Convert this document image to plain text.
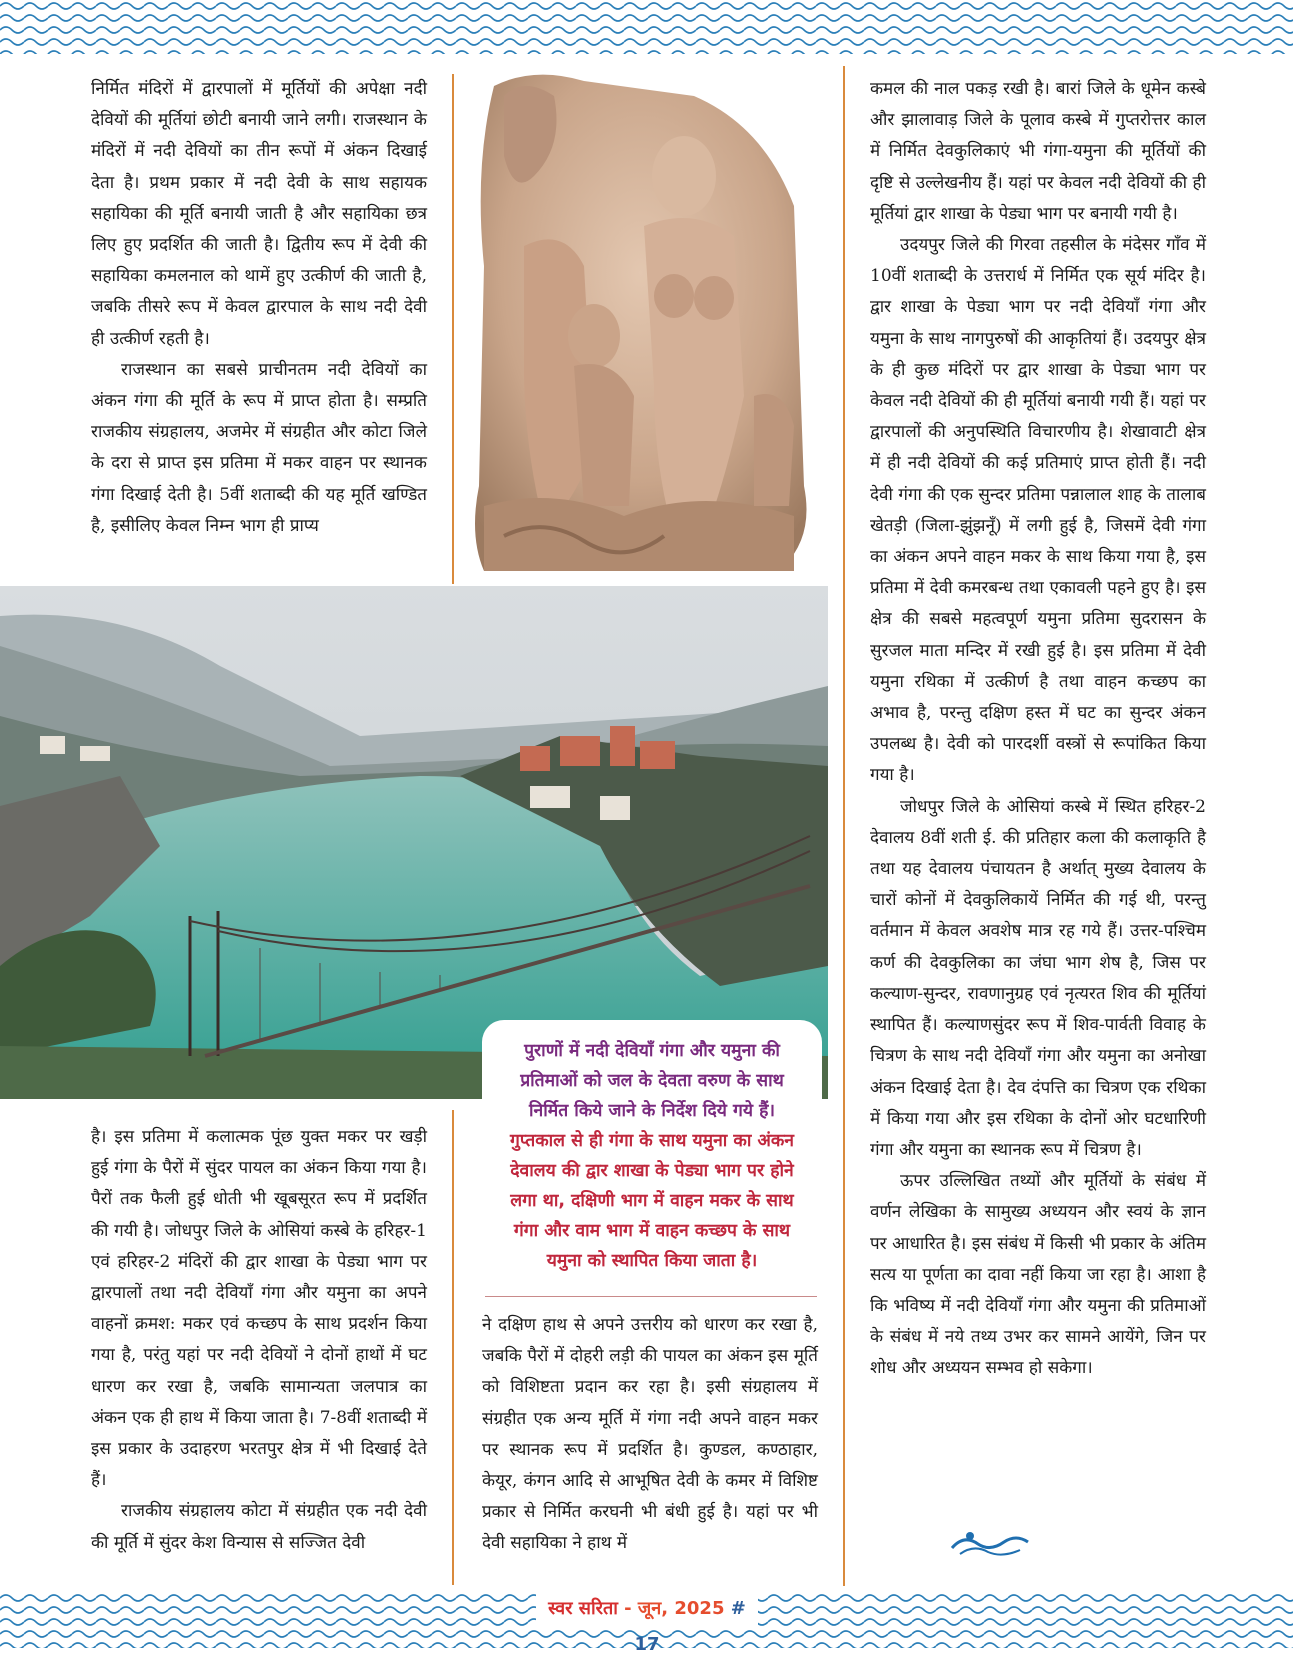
निर्मित मंदिरों में द्वारपालों में मूर्तियों की अपेक्षा नदी देवियों की मूर्तियां छोटी बनायी जाने लगी। राजस्थान के मंदिरों में नदी देवियों का तीन रूपों में अंकन दिखाई देता है। प्रथम प्रकार में नदी देवी के साथ सहायक सहायिका की मूर्ति बनायी जाती है और सहायिका छत्र लिए हुए प्रदर्शित की जाती है। द्वितीय रूप में देवी की सहायिका कमलनाल को थामें हुए उत्कीर्ण की जाती है, जबकि तीसरे रूप में केवल द्वारपाल के साथ नदी देवी ही उत्कीर्ण रहती है।

राजस्थान का सबसे प्राचीनतम नदी देवियों का अंकन गंगा की मूर्ति के रूप में प्राप्त होता है। सम्प्रति राजकीय संग्रहालय, अजमेर में संग्रहीत और कोटा जिले के दरा से प्राप्त इस प्रतिमा में मकर वाहन पर स्थानक गंगा दिखाई देती है। 5वीं शताब्दी की यह मूर्ति खण्डित है, इसीलिए केवल निम्न भाग ही प्राप्य

पुराणों में नदी देवियाँ गंगा और यमुना की
प्रतिमाओं को जल के देवता वरुण के साथ
निर्मित किये जाने के निर्देश दिये गये हैं।
गुप्तकाल से ही गंगा के साथ यमुना का अंकन
देवालय की द्वार शाखा के पेड्या भाग पर होने
लगा था, दक्षिणी भाग में वाहन मकर के साथ
गंगा और वाम भाग में वाहन कच्छप के साथ
यमुना को स्थापित किया जाता है।

है। इस प्रतिमा में कलात्मक पूंछ युक्त मकर पर खड़ी हुई गंगा के पैरों में सुंदर पायल का अंकन किया गया है। पैरों तक फैली हुई धोती भी खूबसूरत रूप में प्रदर्शित की गयी है। जोधपुर जिले के ओसियां कस्बे के हरिहर-1 एवं हरिहर-2 मंदिरों की द्वार शाखा के पेड्या भाग पर द्वारपालों तथा नदी देवियाँ गंगा और यमुना का अपने वाहनों क्रमश: मकर एवं कच्छप के साथ प्रदर्शन किया गया है, परंतु यहां पर नदी देवियों ने दोनों हाथों में घट धारण कर रखा है, जबकि सामान्यता जलपात्र का अंकन एक ही हाथ में किया जाता है। 7-8वीं शताब्दी में इस प्रकार के उदाहरण भरतपुर क्षेत्र में भी दिखाई देते हैं।

राजकीय संग्रहालय कोटा में संग्रहीत एक नदी देवी की मूर्ति में सुंदर केश विन्यास से सज्जित देवी

ने दक्षिण हाथ से अपने उत्तरीय को धारण कर रखा है, जबकि पैरों में दोहरी लड़ी की पायल का अंकन इस मूर्ति को विशिष्टता प्रदान कर रहा है। इसी संग्रहालय में संग्रहीत एक अन्य मूर्ति में गंगा नदी अपने वाहन मकर पर स्थानक रूप में प्रदर्शित है। कुण्डल, कण्ठाहार, केयूर, कंगन आदि से आभूषित देवी के कमर में विशिष्ट प्रकार से निर्मित करघनी भी बंधी हुई है। यहां पर भी देवी सहायिका ने हाथ में

कमल की नाल पकड़ रखी है। बारां जिले के धूमेन कस्बे और झालावाड़ जिले के पूलाव कस्बे में गुप्तरोत्तर काल में निर्मित देवकुलिकाएं भी गंगा-यमुना की मूर्तियों की दृष्टि से उल्लेखनीय हैं। यहां पर केवल नदी देवियों की ही मूर्तियां द्वार शाखा के पेड्या भाग पर बनायी गयी है।

उदयपुर जिले की गिरवा तहसील के मंदेसर गाँव में 10वीं शताब्दी के उत्तरार्ध में निर्मित एक सूर्य मंदिर है। द्वार शाखा के पेड्या भाग पर नदी देवियाँ गंगा और यमुना के साथ नागपुरुषों की आकृतियां हैं। उदयपुर क्षेत्र के ही कुछ मंदिरों पर द्वार शाखा के पेड्या भाग पर केवल नदी देवियों की ही मूर्तियां बनायी गयी हैं। यहां पर द्वारपालों की अनुपस्थिति विचारणीय है। शेखावाटी क्षेत्र में ही नदी देवियों की कई प्रतिमाएं प्राप्त होती हैं। नदी देवी गंगा की एक सुन्दर प्रतिमा पन्नालाल शाह के तालाब खेतड़ी (जिला-झुंझनूँ) में लगी हुई है, जिसमें देवी गंगा का अंकन अपने वाहन मकर के साथ किया गया है, इस प्रतिमा में देवी कमरबन्ध तथा एकावली पहने हुए है। इस क्षेत्र की सबसे महत्वपूर्ण यमुना प्रतिमा सुदरासन के सुरजल माता मन्दिर में रखी हुई है। इस प्रतिमा में देवी यमुना रथिका में उत्कीर्ण है तथा वाहन कच्छप का अभाव है, परन्तु दक्षिण हस्त में घट का सुन्दर अंकन उपलब्ध है। देवी को पारदर्शी वस्त्रों से रूपांकित किया गया है।

जोधपुर जिले के ओसियां कस्बे में स्थित हरिहर-2 देवालय 8वीं शती ई. की प्रतिहार कला की कलाकृति है तथा यह देवालय पंचायतन है अर्थात् मुख्य देवालय के चारों कोनों में देवकुलिकायें निर्मित की गई थी, परन्तु वर्तमान में केवल अवशेष मात्र रह गये हैं। उत्तर-पश्चिम कर्ण की देवकुलिका का जंघा भाग शेष है, जिस पर कल्याण-सुन्दर, रावणानुग्रह एवं नृत्यरत शिव की मूर्तियां स्थापित हैं। कल्याणसुंदर रूप में शिव-पार्वती विवाह के चित्रण के साथ नदी देवियाँ गंगा और यमुना का अनोखा अंकन दिखाई देता है। देव दंपत्ति का चित्रण एक रथिका में किया गया और इस रथिका के दोनों ओर घटधारिणी गंगा और यमुना का स्थानक रूप में चित्रण है।

ऊपर उल्लिखित तथ्यों और मूर्तियों के संबंध में वर्णन लेखिका के सामुख्य अध्ययन और स्वयं के ज्ञान पर आधारित है। इस संबंध में किसी भी प्रकार के अंतिम सत्य या पूर्णता का दावा नहीं किया जा रहा है। आशा है कि भविष्य में नदी देवियाँ गंगा और यमुना की प्रतिमाओं के संबंध में नये तथ्य उभर कर सामने आयेंगे, जिन पर शोध और अध्ययन सम्भव हो सकेगा।

स्वर सरिता - जून, 2025 # 17
